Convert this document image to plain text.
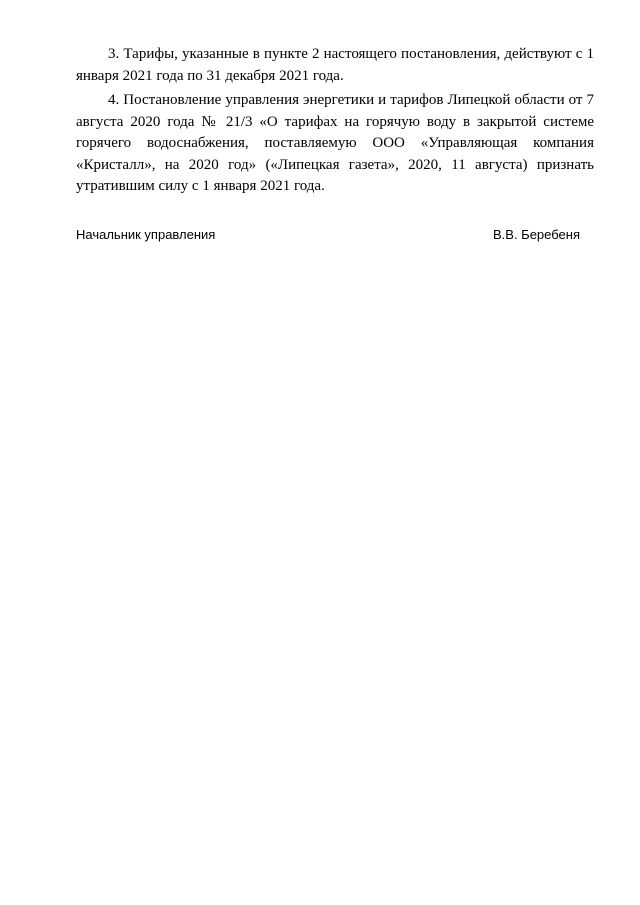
3. Тарифы, указанные в пункте 2 настоящего постановления, действуют с 1 января 2021 года по 31 декабря 2021 года.

4. Постановление управления энергетики и тарифов Липецкой области от 7 августа 2020 года № 21/3 «О тарифах на горячую воду в закрытой системе горячего водоснабжения, поставляемую ООО «Управляющая компания «Кристалл», на 2020 год» («Липецкая газета», 2020, 11 августа) признать утратившим силу с 1 января 2021 года.

Начальник управления	В.В. Беребеня
